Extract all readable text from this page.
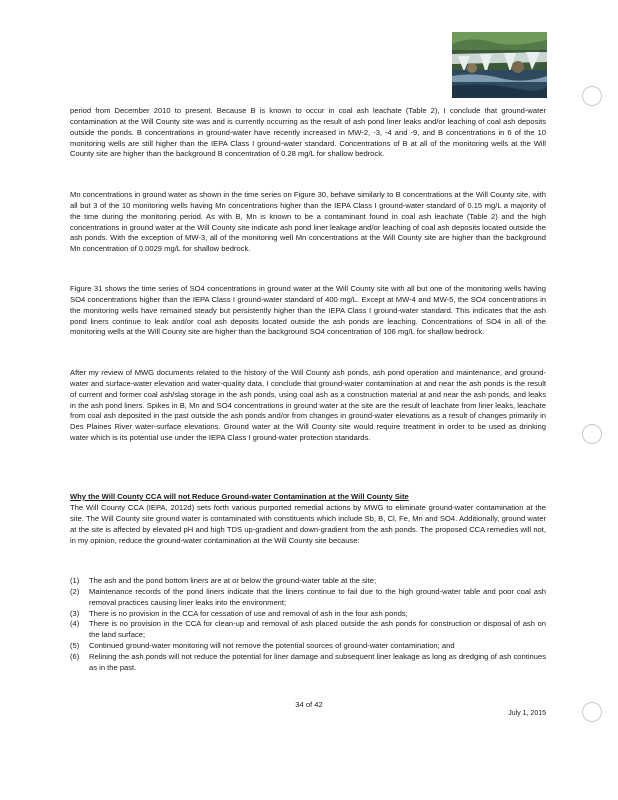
period from December 2010 to present. Because B is known to occur in coal ash leachate (Table 2), I conclude that ground-water contamination at the Will County site was and is currently occurring as the result of ash pond liner leaks and/or leaching of coal ash deposits outside the ponds. B concentrations in ground-water have recently increased in MW-2, -3, -4 and -9, and B concentrations in 6 of the 10 monitoring wells are still higher than the IEPA Class I ground-water standard. Concentrations of B at all of the monitoring wells at the Will County site are higher than the background B concentration of 0.28 mg/L for shallow bedrock.

Mn concentrations in ground water as shown in the time series on Figure 30, behave similarly to B concentrations at the Will County site, with all but 3 of the 10 monitoring wells having Mn concentrations higher than the IEPA Class I ground-water standard of 0.15 mg/L a majority of the time during the monitoring period. As with B, Mn is known to be a contaminant found in coal ash leachate (Table 2) and the high concentrations in ground water at the Will County site indicate ash pond liner leakage and/or leaching of coal ash deposits located outside the ash ponds. With the exception of MW-3, all of the monitoring well Mn concentrations at the Will County site are higher than the background Mn concentration of 0.0029 mg/L for shallow bedrock.

Figure 31 shows the time series of SO4 concentrations in ground water at the Will County site with all but one of the monitoring wells having SO4 concentrations higher than the IEPA Class I ground-water standard of 400 mg/L. Except at MW-4 and MW-5, the SO4 concentrations in the monitoring wells have remained steady but persistently higher than the IEPA Class I ground-water standard. This indicates that the ash pond liners continue to leak and/or coal ash deposits located outside the ash ponds are leaching. Concentrations of SO4 in all of the monitoring wells at the Will County site are higher than the background SO4 concentration of 106 mg/L for shallow bedrock.

After my review of MWG documents related to the history of the Will County ash ponds, ash pond operation and maintenance, and ground-water and surface-water elevation and water-quality data, I conclude that ground-water contamination at and near the ash ponds is the result of current and former coal ash/slag storage in the ash ponds, using coal ash as a construction material at and near the ash ponds, and leaks in the ash pond liners. Spikes in B, Mn and SO4 concentrations in ground water at the site are the result of leachate from liner leaks, leachate from coal ash deposited in the past outside the ash ponds and/or from changes in ground-water elevations as a result of changes primarily in Des Plaines River water-surface elevations. Ground water at the Will County site would require treatment in order to be used as drinking water which is its potential use under the IEPA Class I ground-water protection standards.

Why the Will County CCA will not Reduce Ground-water Contamination at the Will County Site

The Will County CCA (IEPA, 2012d) sets forth various purported remedial actions by MWG to eliminate ground-water contamination at the site. The Will County site ground water is contaminated with constituents which include Sb, B, Cl, Fe, Mn and SO4. Additionally, ground water at the site is affected by elevated pH and high TDS up-gradient and down-gradient from the ash ponds. The proposed CCA remedies will not, in my opinion, reduce the ground-water contamination at the Will County site because:

(1) The ash and the pond bottom liners are at or below the ground-water table at the site;
(2) Maintenance records of the pond liners indicate that the liners continue to fail due to the high ground-water table and poor coal ash removal practices causing liner leaks into the environment;
(3) There is no provision in the CCA for cessation of use and removal of ash in the four ash ponds;
(4) There is no provision in the CCA for clean-up and removal of ash placed outside the ash ponds for construction or disposal of ash on the land surface;
(5) Continued ground-water monitoring will not remove the potential sources of ground-water contamination; and
(6) Relining the ash ponds will not reduce the potential for liner damage and subsequent liner leakage as long as dredging of ash continues as in the past.
34 of 42
July 1, 2015
